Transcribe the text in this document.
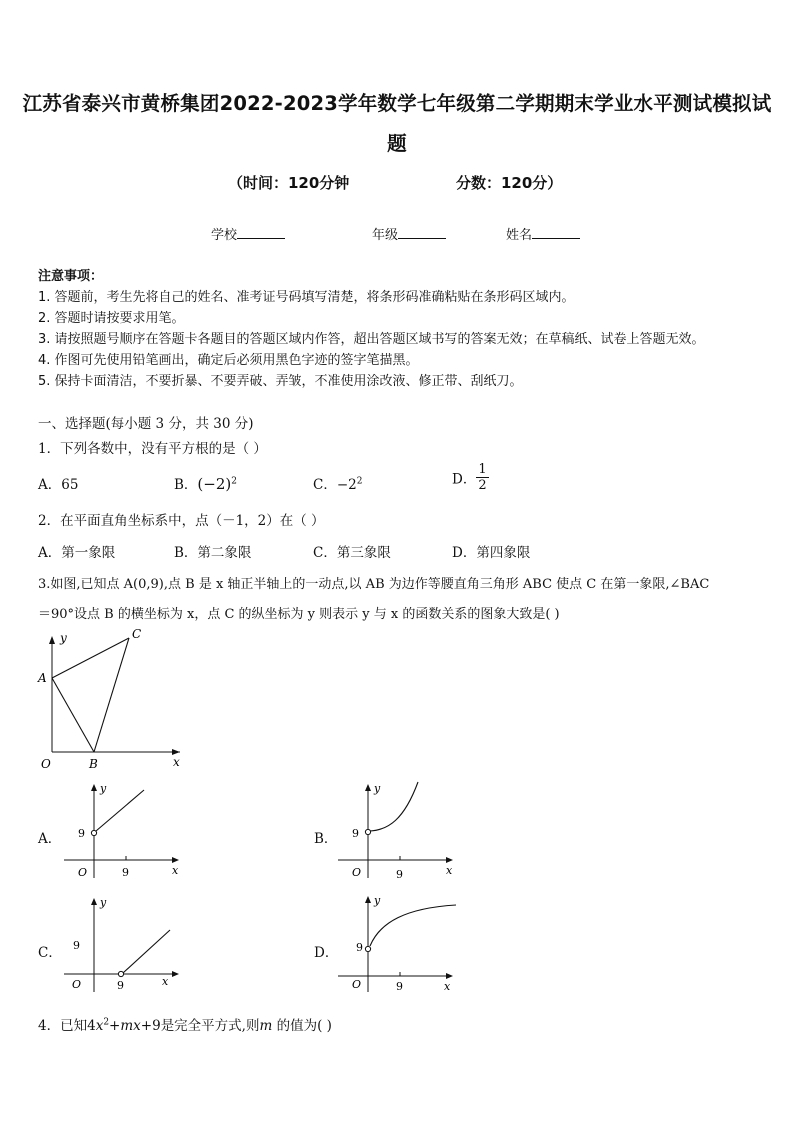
江苏省泰兴市黄桥集团2022-2023学年数学七年级第二学期期末学业水平测试模拟试
题
（时间：120分钟	分数：120分）
学校	年级	姓名
注意事项：
1. 答题前，考生先将自己的姓名、准考证号码填写清楚，将条形码准确粘贴在条形码区域内。
2. 答题时请按要求用笔。
3. 请按照题号顺序在答题卡各题目的答题区域内作答，超出答题区域书写的答案无效；在草稿纸、试卷上答题无效。
4. 作图可先使用铅笔画出，确定后必须用黑色字迹的签字笔描黑。
5. 保持卡面清洁，不要折暴、不要弄破、弄皱，不准使用涂改液、修正带、刮纸刀。
一、选择题(每小题 3 分，共 30 分)
1．下列各数中，没有平方根的是（ ）
A．65	B．$(-2)^2$	C．$-2^2$	D． $\frac{1}{2}$
2．在平面直角坐标系中，点（－1，2）在（ ）
A．第一象限	B．第二象限	C．第三象限	D．第四象限
3.如图,已知点 A(0,9),点 B 是 x 轴正半轴上的一动点,以 AB 为边作等腰直角三角形 ABC 使点 C 在第一象限,∠BAC
＝90°设点 B 的横坐标为 x，点 C 的纵坐标为 y 则表示 y 与 x 的函数关系的图象大致是( )
y
x
A
B
C
O
A．
y
x
O
9
9
B．
y
x
O
9
9
C．
y
x
O
9
9
D．
y
x
O
9
9
4．已知$4x^2+mx+9$是完全平方式,则m 的值为( )
